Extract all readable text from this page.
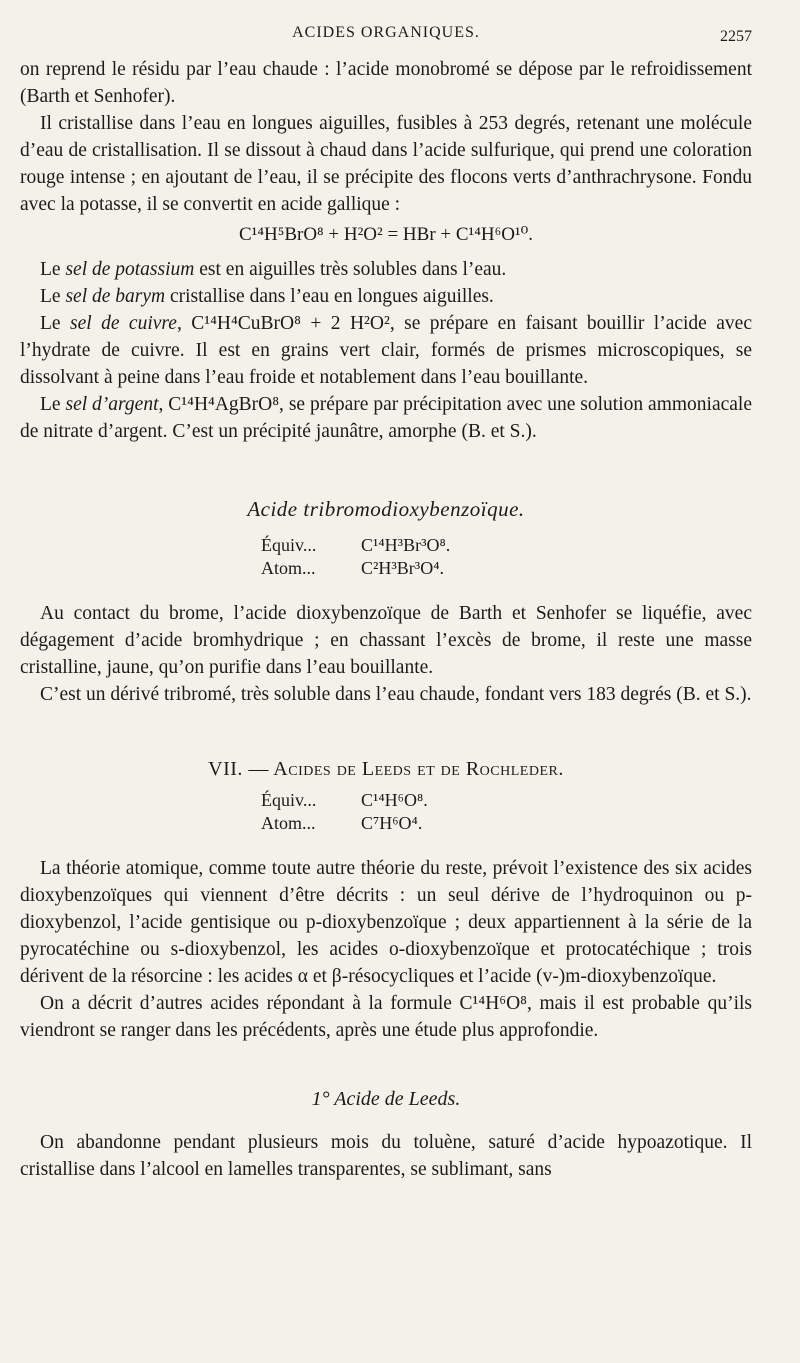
ACIDES ORGANIQUES.	2257

on reprend le résidu par l’eau chaude : l’acide monobromé se dépose par le refroidissement (Barth et Senhofer).

Il cristallise dans l’eau en longues aiguilles, fusibles à 253 degrés, retenant une molécule d’eau de cristallisation. Il se dissout à chaud dans l’acide sulfurique, qui prend une coloration rouge intense ; en ajoutant de l’eau, il se précipite des flocons verts d’anthrachrysone. Fondu avec la potasse, il se convertit en acide gallique :

C¹⁴H⁵BrO⁸ + H²O² = HBr + C¹⁴H⁶O¹⁰.

Le sel de potassium est en aiguilles très solubles dans l’eau.

Le sel de barym cristallise dans l’eau en longues aiguilles.

Le sel de cuivre, C¹⁴H⁴CuBrO⁸ + 2 H²O², se prépare en faisant bouillir l’acide avec l’hydrate de cuivre. Il est en grains vert clair, formés de prismes microscopiques, se dissolvant à peine dans l’eau froide et notablement dans l’eau bouillante.

Le sel d’argent, C¹⁴H⁴AgBrO⁸, se prépare par précipitation avec une solution ammoniacale de nitrate d’argent. C’est un précipité jaunâtre, amorphe (B. et S.).

Acide tribromodioxybenzoïque.
Équiv...	C¹⁴H³Br³O⁸.
Atom...	C²H³Br³O⁴.

Au contact du brome, l’acide dioxybenzoïque de Barth et Senhofer se liquéfie, avec dégagement d’acide bromhydrique ; en chassant l’excès de brome, il reste une masse cristalline, jaune, qu’on purifie dans l’eau bouillante.

C’est un dérivé tribromé, très soluble dans l’eau chaude, fondant vers 183 degrés (B. et S.).

VII. — Acides de Leeds et de Rochleder.
Équiv...	C¹⁴H⁶O⁸.
Atom...	C⁷H⁶O⁴.

La théorie atomique, comme toute autre théorie du reste, prévoit l’existence des six acides dioxybenzoïques qui viennent d’être décrits : un seul dérive de l’hydroquinon ou p-dioxybenzol, l’acide gentisique ou p-dioxybenzoïque ; deux appartiennent à la série de la pyrocatéchine ou s-dioxybenzol, les acides o-dioxybenzoïque et protocatéchique ; trois dérivent de la résorcine : les acides α et β-résocycliques et l’acide (v-)m-dioxybenzoïque.

On a décrit d’autres acides répondant à la formule C¹⁴H⁶O⁸, mais il est probable qu’ils viendront se ranger dans les précédents, après une étude plus approfondie.

1° Acide de Leeds.

On abandonne pendant plusieurs mois du toluène, saturé d’acide hypoazotique. Il cristallise dans l’alcool en lamelles transparentes, se sublimant, sans
